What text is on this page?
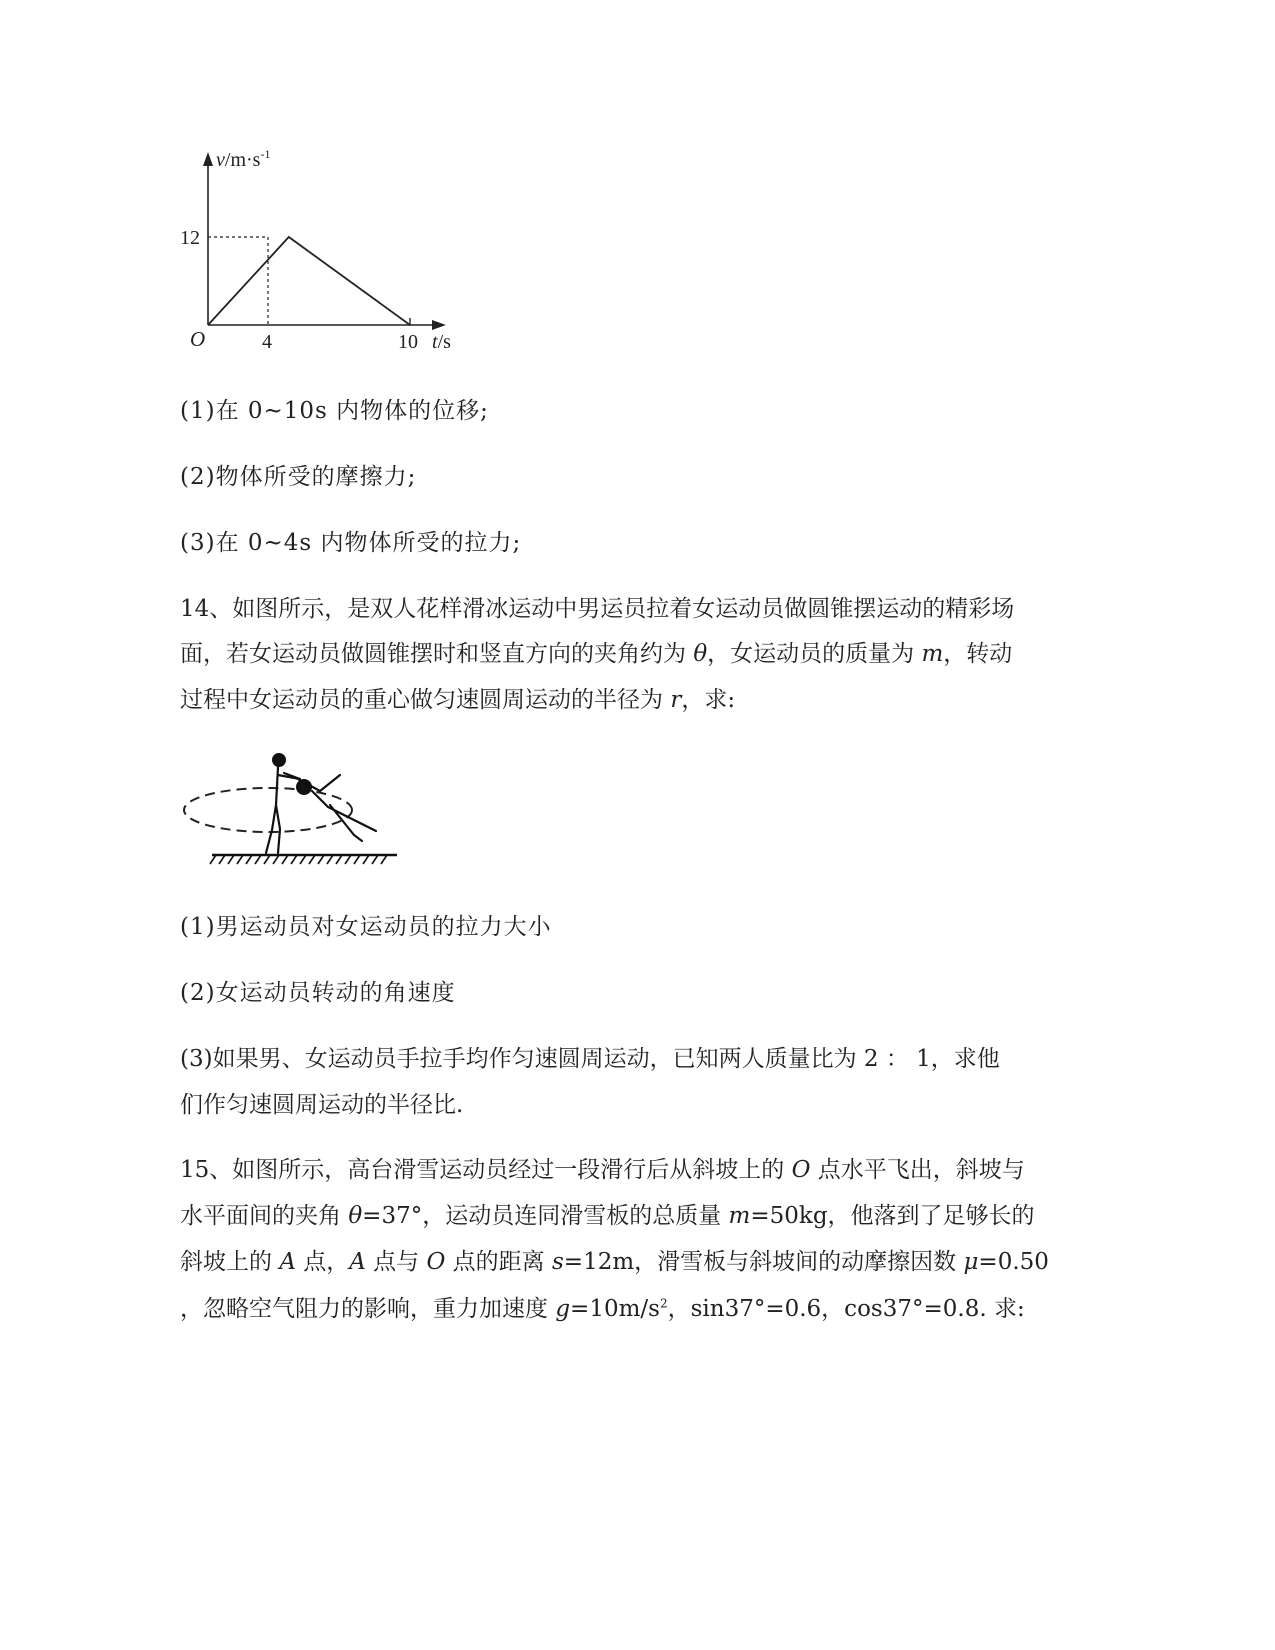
$v/m\cdot s^{-1}$
12
O	4	10 t/s
(1)在 0~10s 内物体的位移;
(2)物体所受的摩擦力;
(3)在 0~4s 内物体所受的拉力;
14、如图所示，是双人花样滑冰运动中男运员拉着女运动员做圆锥摆运动的精彩场
面，若女运动员做圆锥摆时和竖直方向的夹角约为 θ，女运动员的质量为 m，转动
过程中女运动员的重心做匀速圆周运动的半径为 r，求:
(1)男运动员对女运动员的拉力大小
(2)女运动员转动的角速度
(3)如果男、女运动员手拉手均作匀速圆周运动，已知两人质量比为 2 ： 1，求他
们作匀速圆周运动的半径比.
15、如图所示，高台滑雪运动员经过一段滑行后从斜坡上的 O 点水平飞出，斜坡与
水平面间的夹角 θ=37°，运动员连同滑雪板的总质量 m=50kg，他落到了足够长的
斜坡上的 A 点，A 点与 O 点的距离 s=12m，滑雪板与斜坡间的动摩擦因数 μ=0.50
，忽略空气阻力的影响，重力加速度 $g=10m/s^2$，sin37°=0.6，cos37°=0.8. 求:
